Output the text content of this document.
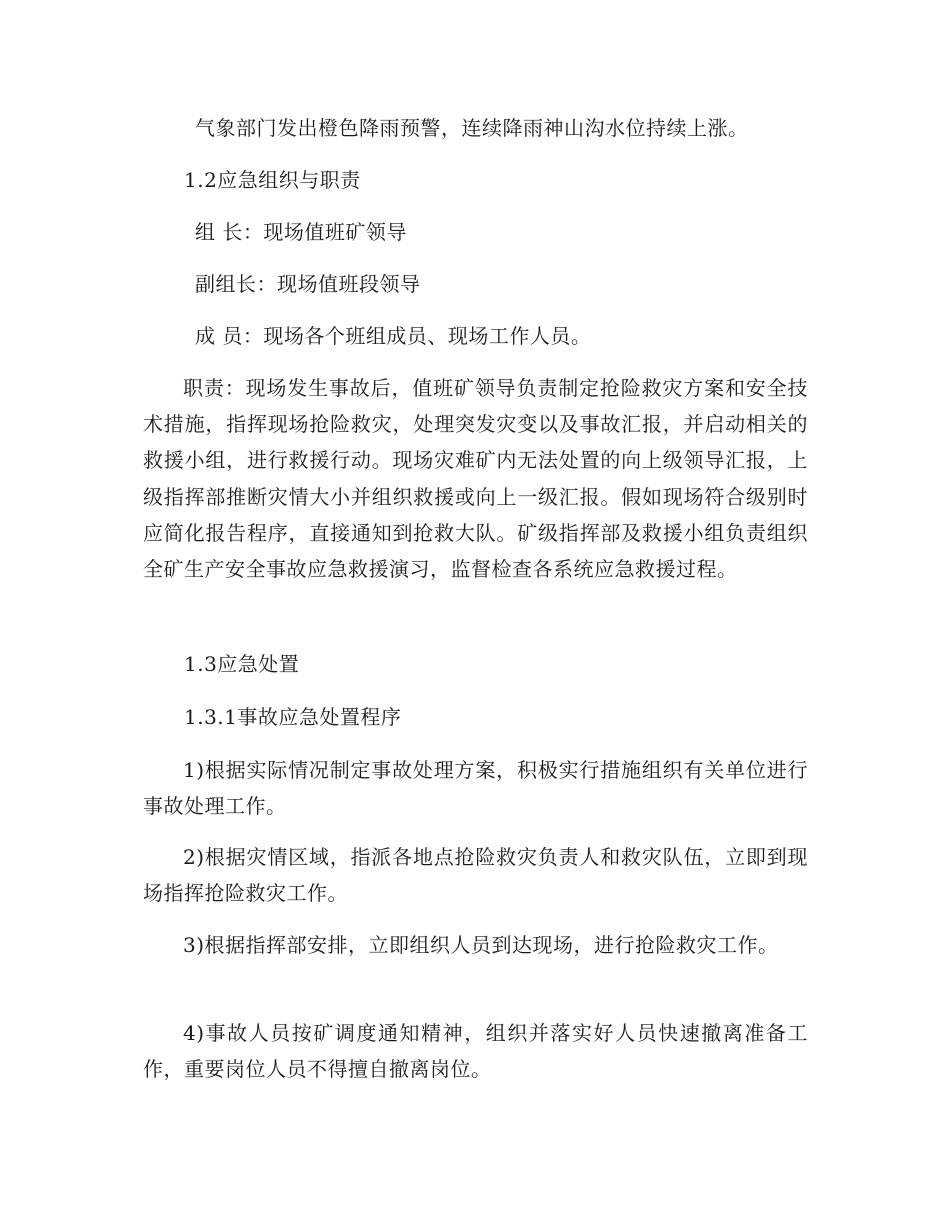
气象部门发出橙色降雨预警，连续降雨神山沟水位持续上涨。
1.2应急组织与职责
组 长：现场值班矿领导
副组长：现场值班段领导
成 员：现场各个班组成员、现场工作人员。
职责：现场发生事故后，值班矿领导负责制定抢险救灾方案和安全技术措施，指挥现场抢险救灾，处理突发灾变以及事故汇报，并启动相关的救援小组，进行救援行动。现场灾难矿内无法处置的向上级领导汇报，上级指挥部推断灾情大小并组织救援或向上一级汇报。假如现场符合级别时应简化报告程序，直接通知到抢救大队。矿级指挥部及救援小组负责组织全矿生产安全事故应急救援演习，监督检查各系统应急救援过程。
1.3应急处置
1.3.1事故应急处置程序
1)根据实际情况制定事故处理方案，积极实行措施组织有关单位进行事故处理工作。
2)根据灾情区域，指派各地点抢险救灾负责人和救灾队伍，立即到现场指挥抢险救灾工作。
3)根据指挥部安排，立即组织人员到达现场，进行抢险救灾工作。
4)事故人员按矿调度通知精神，组织并落实好人员快速撤离准备工作，重要岗位人员不得擅自撤离岗位。
